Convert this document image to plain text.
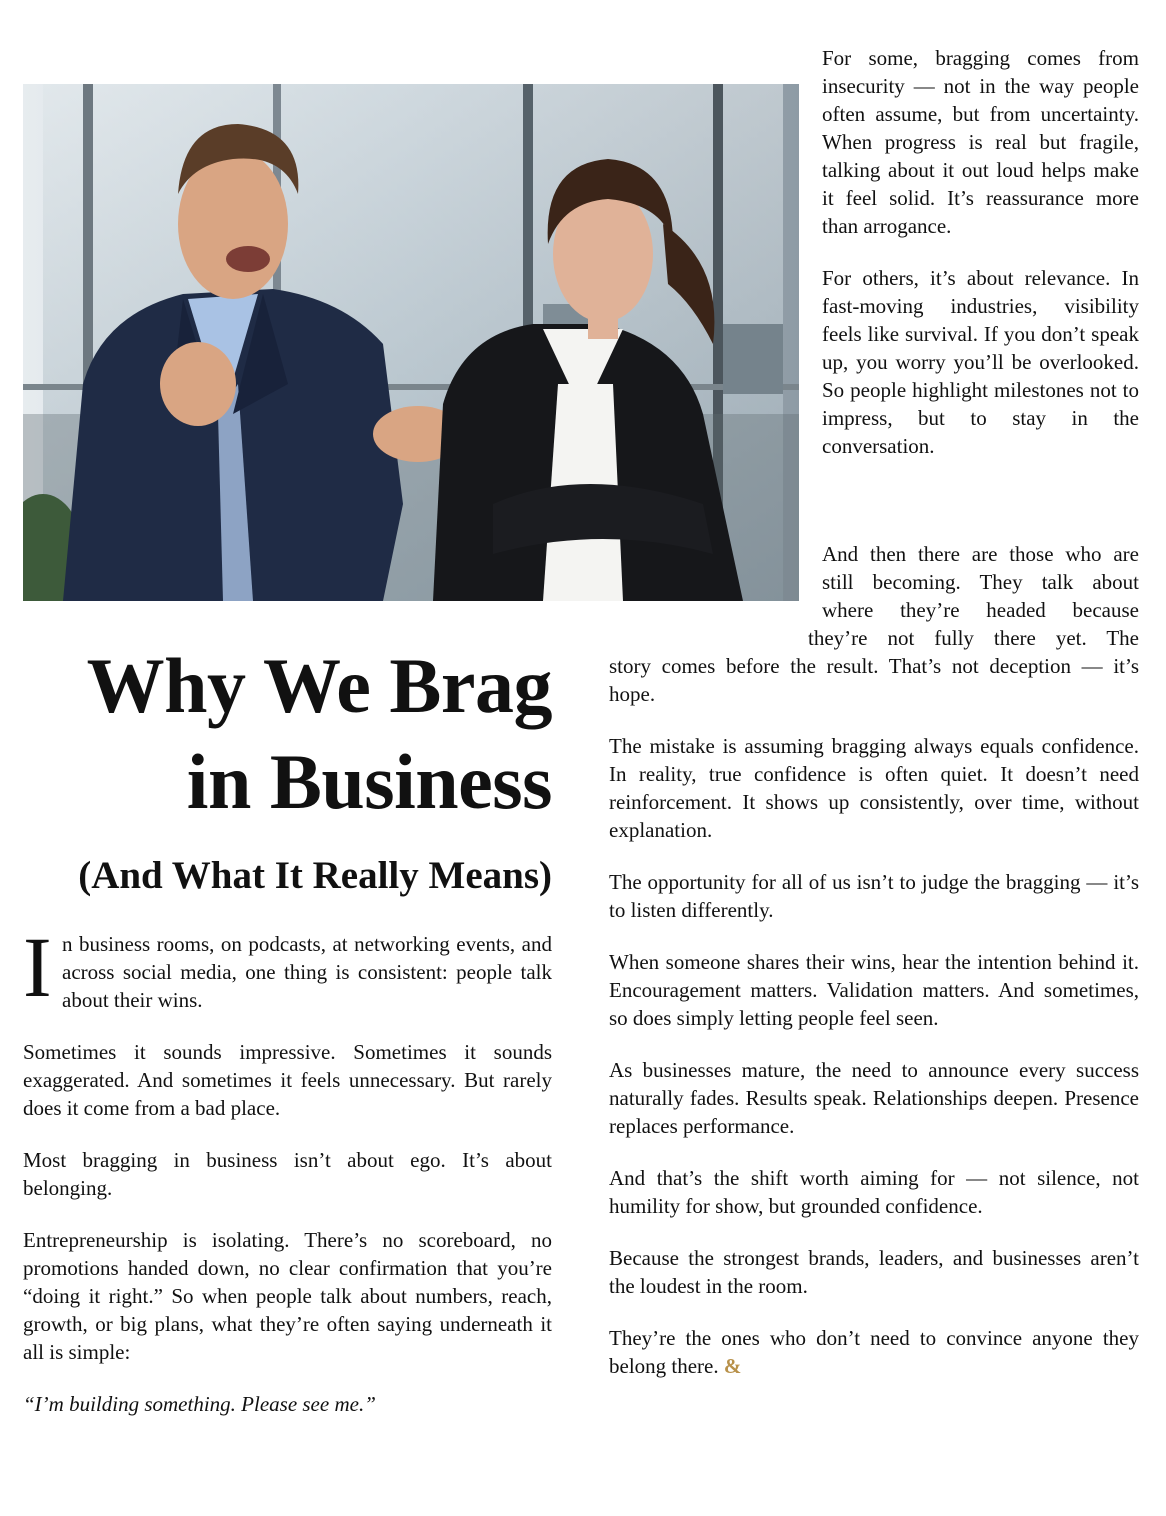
For some, bragging comes from insecurity — not in the way people often assume, but from uncertainty. When progress is real but fragile, talking about it out loud helps make it feel solid. It’s reassurance more than arrogance.

For others, it’s about relevance. In fast-moving industries, visibility feels like survival. If you don’t speak up, you worry you’ll be overlooked. So people highlight milestones not to impress, but to stay in the conversation.

And then there are those who are
still becoming. They talk about
where they’re headed because
they’re not fully there yet. The

story comes before the result. That’s not deception — it’s hope.

The mistake is assuming bragging always equals confidence. In reality, true confidence is often quiet. It doesn’t need reinforcement. It shows up consistently, over time, without explanation.

The opportunity for all of us isn’t to judge the bragging — it’s to listen differently.

When someone shares their wins, hear the intention behind it. Encouragement matters. Validation matters. And sometimes, so does simply letting people feel seen.

As businesses mature, the need to announce every success naturally fades. Results speak. Relationships deepen. Presence replaces performance.

And that’s the shift worth aiming for — not silence, not humility for show, but grounded confidence.

Because the strongest brands, leaders, and businesses aren’t the loudest in the room.

They’re the ones who don’t need to convince anyone they belong there. &

Why We Brag
in Business
(And What It Really Means)
I n business rooms, on podcasts, at networking events, and across social media, one thing is consistent: people talk about their wins.

Sometimes it sounds impressive. Sometimes it sounds exaggerated. And sometimes it feels unnecessary. But rarely does it come from a bad place.

Most bragging in business isn’t about ego. It’s about belonging.

Entrepreneurship is isolating. There’s no scoreboard, no promotions handed down, no clear confirmation that you’re “doing it right.” So when people talk about numbers, reach, growth, or big plans, what they’re often saying underneath it all is simple:

“I’m building something. Please see me.”
